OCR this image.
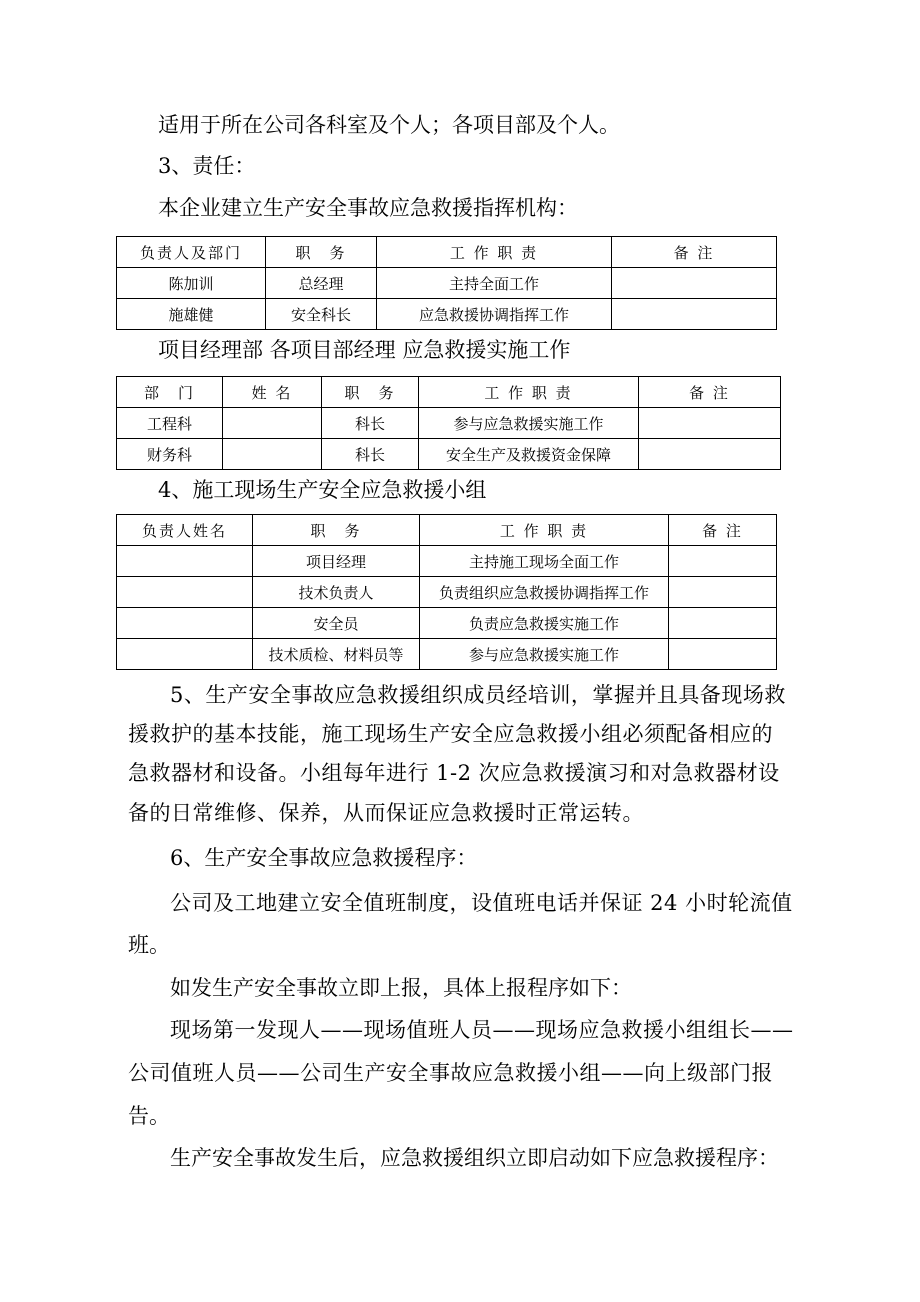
适用于所在公司各科室及个人；各项目部及个人。
3、责任：
本企业建立生产安全事故应急救援指挥机构：
负责人及部门	职　务	工 作 职 责	备 注
陈加训	总经理	主持全面工作	
施雄健	安全科长	应急救援协调指挥工作	
项目经理部 各项目部经理 应急救援实施工作
部　门	姓 名	职　务	工 作 职 责	备 注
工程科		科长	参与应急救援实施工作	
财务科		科长	安全生产及救援资金保障	
4、施工现场生产安全应急救援小组
负责人姓名	职　务	工 作 职 责	备 注
	项目经理	主持施工现场全面工作	
	技术负责人	负责组织应急救援协调指挥工作	
	安全员	负责应急救援实施工作	
	技术质检、材料员等	参与应急救援实施工作	
5、生产安全事故应急救援组织成员经培训，掌握并且具备现场救
援救护的基本技能，施工现场生产安全应急救援小组必须配备相应的
急救器材和设备。小组每年进行 1-2 次应急救援演习和对急救器材设
备的日常维修、保养，从而保证应急救援时正常运转。
6、生产安全事故应急救援程序：
公司及工地建立安全值班制度，设值班电话并保证 24 小时轮流值
班。
如发生产安全事故立即上报，具体上报程序如下：
现场第一发现人——现场值班人员——现场应急救援小组组长——
公司值班人员——公司生产安全事故应急救援小组——向上级部门报
告。
生产安全事故发生后，应急救援组织立即启动如下应急救援程序：
